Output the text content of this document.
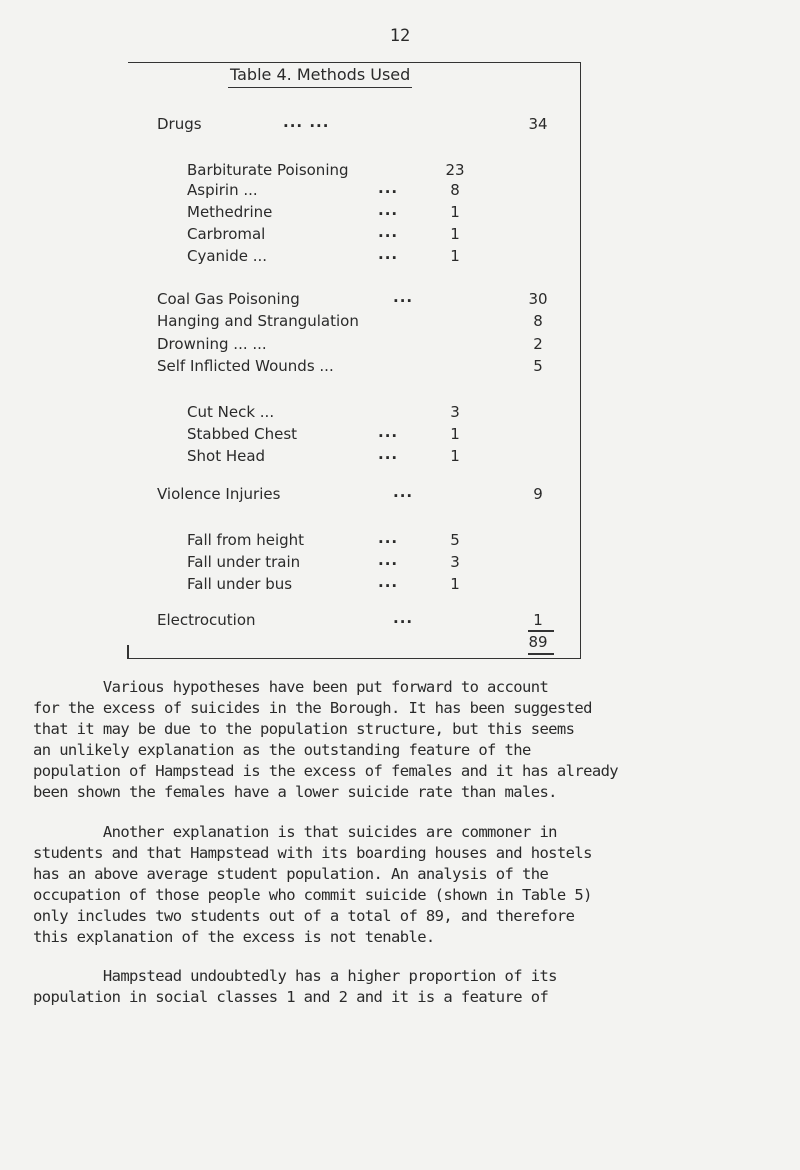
12
Table 4. Methods Used
Drugs	... ...	34
Barbiturate Poisoning	23
Aspirin ...	...	8
Methedrine	...	1
Carbromal	...	1
Cyanide ...	...	1
Coal Gas Poisoning	...	30
Hanging and Strangulation	8
Drowning ... ...	2
Self Inflicted Wounds ...	5
Cut Neck ...	3
Stabbed Chest	...	1
Shot Head	...	1
Violence Injuries	...	9
Fall from height	...	5
Fall under train	...	3
Fall under bus	...	1
Electrocution	...	1
89

Various hypotheses have been put forward to account

for the excess of suicides in the Borough. It has been suggested

that it may be due to the population structure, but this seems

an unlikely explanation as the outstanding feature of the

population of Hampstead is the excess of females and it has already

been shown the females have a lower suicide rate than males.

Another explanation is that suicides are commoner in

students and that Hampstead with its boarding houses and hostels

has an above average student population. An analysis of the

occupation of those people who commit suicide (shown in Table 5)

only includes two students out of a total of 89, and therefore

this explanation of the excess is not tenable.

Hampstead undoubtedly has a higher proportion of its

population in social classes 1 and 2 and it is a feature of
